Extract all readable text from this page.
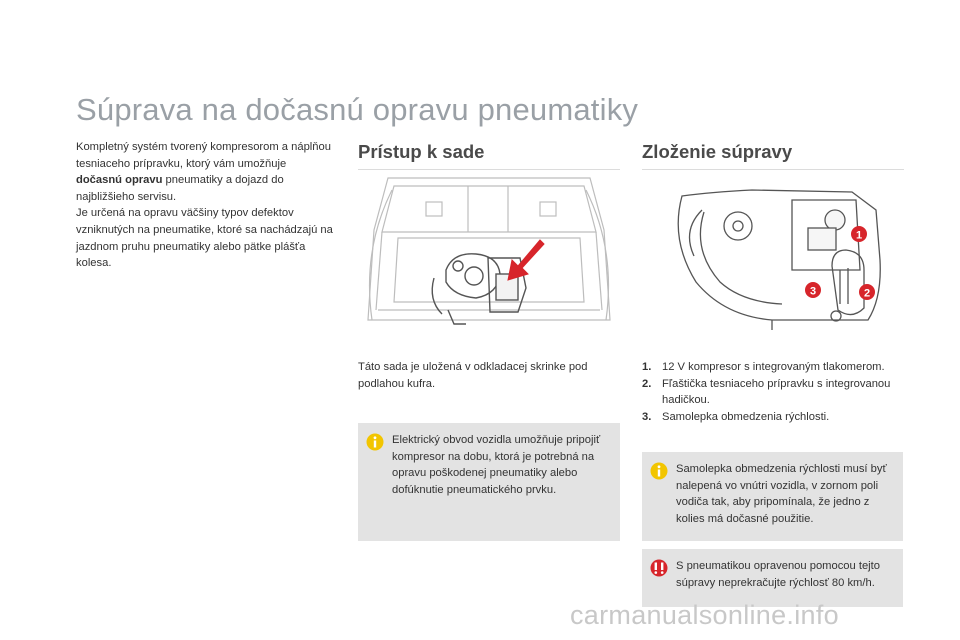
Súprava na dočasnú opravu pneumatiky
Kompletný systém tvorený kompresorom a náplňou tesniaceho prípravku, ktorý vám umožňuje dočasnú opravu pneumatiky a dojazd do najbližšieho servisu.
Je určená na opravu väčšiny typov defektov vzniknutých na pneumatike, ktoré sa nachádzajú na jazdnom pruhu pneumatiky alebo pätke plášťa kolesa.
Prístup k sade

Táto sada je uložená v odkladacej skrinke pod podlahou kufra.

Elektrický obvod vozidla umožňuje pripojiť kompresor na dobu, ktorá je potrebná na opravu poškodenej pneumatiky alebo dofúknutie pneumatického prvku.
Zloženie súpravy
1
2
3
1. 12 V kompresor s integrovaným tlakomerom.
2. Fľaštička tesniaceho prípravku s integrovanou hadičkou.
3. Samolepka obmedzenia rýchlosti.
Samolepka obmedzenia rýchlosti musí byť nalepená vo vnútri vozidla, v zornom poli vodiča tak, aby pripomínala, že jedno z kolies má dočasné použitie.
S pneumatikou opravenou pomocou tejto súpravy neprekračujte rýchlosť 80 km/h.
carmanualsonline.info
